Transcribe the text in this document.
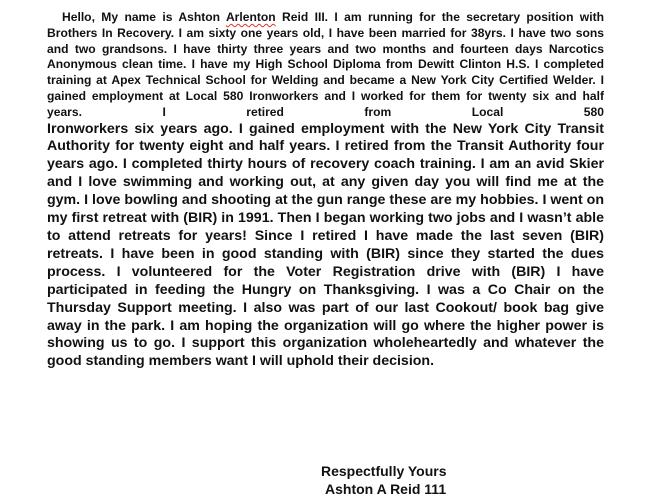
Hello, My name is Ashton Arlenton Reid III. I am running for the secretary position with Brothers In Recovery. I am sixty one years old, I have been married for 38yrs. I have two sons and two grandsons. I have thirty three years and two months and fourteen days Narcotics Anonymous clean time. I have my High School Diploma from Dewitt Clinton H.S. I completed training at Apex Technical School for Welding and became a New York City Certified Welder. I gained employment at Local 580 Ironworkers and I worked for them for twenty six and half years. I retired from Local 580

Ironworkers six years ago. I gained employment with the New York City Transit Authority for twenty eight and half years. I retired from the Transit Authority four years ago. I completed thirty hours of recovery coach training. I am an avid Skier and I love swimming and working out, at any given day you will find me at the gym. I love bowling and shooting at the gun range these are my hobbies. I went on my first retreat with (BIR) in 1991. Then I began working two jobs and I wasn’t able to attend retreats for years! Since I retired I have made the last seven (BIR) retreats. I have been in good standing with (BIR) since they started the dues process. I volunteered for the Voter Registration drive with (BIR) I have participated in feeding the Hungry on Thanksgiving. I was a Co Chair on the Thursday Support meeting. I also was part of our last Cookout/ book bag give away in the park. I am hoping the organization will go where the higher power is showing us to go. I support this organization wholeheartedly and whatever the good standing members want I will uphold their decision.

Respectfully Yours
Ashton A Reid 111
